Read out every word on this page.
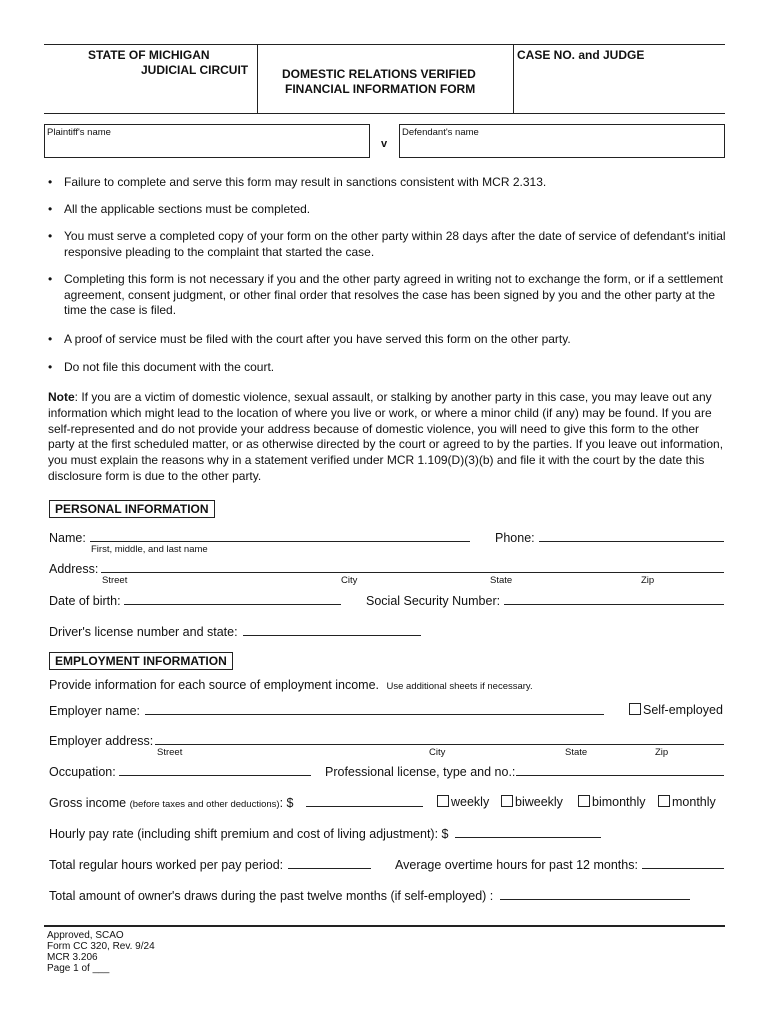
STATE OF MICHIGAN
JUDICIAL CIRCUIT	DOMESTIC RELATIONS VERIFIED
FINANCIAL INFORMATION FORM
CASE NO. and JUDGE
Plaintiff's name
v
Defendant's name
• Failure to complete and serve this form may result in sanctions consistent with MCR 2.313.
• All the applicable sections must be completed.
• You must serve a completed copy of your form on the other party within 28 days after the date of service of defendant's initial responsive pleading to the complaint that started the case.
• Completing this form is not necessary if you and the other party agreed in writing not to exchange the form, or if a settlement agreement, consent judgment, or other final order that resolves the case has been signed by you and the other party at the time the case is filed.
• A proof of service must be filed with the court after you have served this form on the other party.
• Do not file this document with the court.
Note: If you are a victim of domestic violence, sexual assault, or stalking by another party in this case, you may leave out any information which might lead to the location of where you live or work, or where a minor child (if any) may be found. If you are self-represented and do not provide your address because of domestic violence, you will need to give this form to the other party at the first scheduled matter, or as otherwise directed by the court or agreed to by the parties. If you leave out information, you must explain the reasons why in a statement verified under MCR 1.109(D)(3)(b) and file it with the court by the date this disclosure form is due to the other party.
PERSONAL INFORMATION
Name:
First, middle, and last name
Phone:
Address:
Street	City	State	Zip
Date of birth:	Social Security Number:
Driver's license number and state:
EMPLOYMENT INFORMATION
Provide information for each source of employment income. Use additional sheets if necessary.
Employer name:	Self-employed
Employer address:
Street	City	State	Zip
Occupation:	Professional license, type and no.:
Gross income (before taxes and other deductions): $	weekly	biweekly	bimonthly	monthly
Hourly pay rate (including shift premium and cost of living adjustment): $
Total regular hours worked per pay period:	Average overtime hours for past 12 months:
Total amount of owner's draws during the past twelve months (if self-employed) :
Approved, SCAO
Form CC 320, Rev. 9/24
MCR 3.206
Page 1 of ___
